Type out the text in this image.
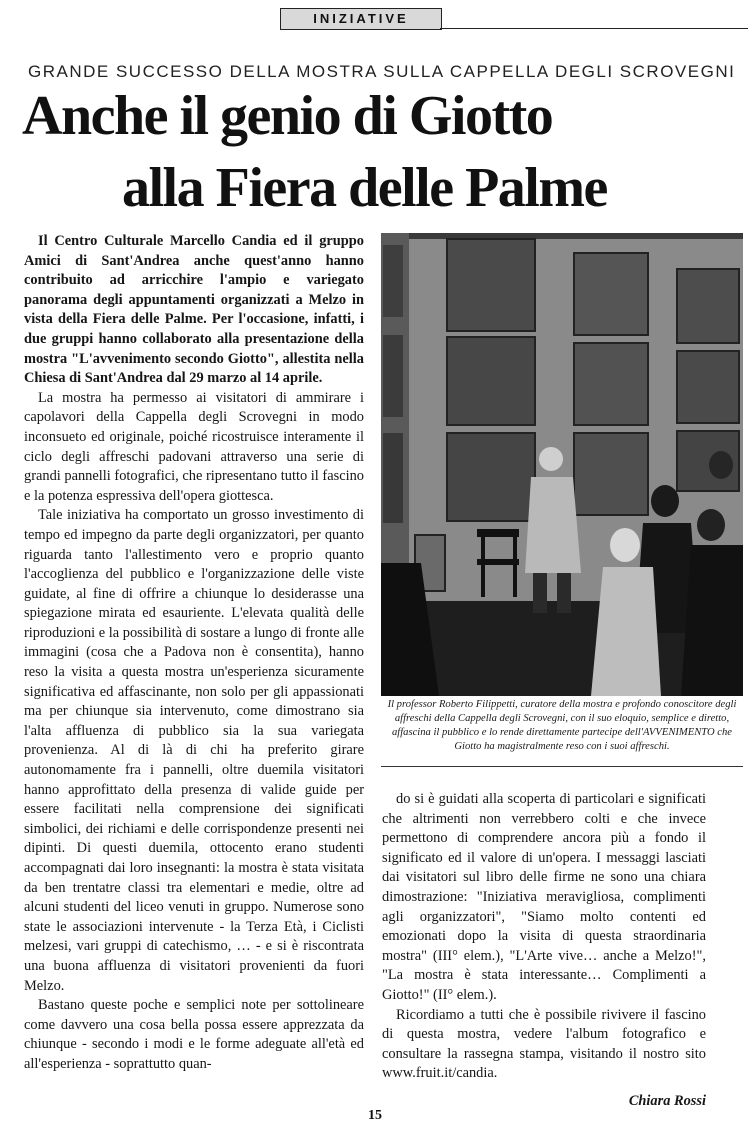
INIZIATIVE
GRANDE SUCCESSO DELLA MOSTRA SULLA CAPPELLA DEGLI SCROVEGNI
Anche il genio di Giotto
alla Fiera delle Palme

Il Centro Culturale Marcello Candia ed il gruppo Amici di Sant'Andrea anche quest'anno hanno contribuito ad arricchire l'ampio e variegato panorama degli appuntamenti organizzati a Melzo in vista della Fiera delle Palme. Per l'occasione, infatti, i due gruppi hanno collaborato alla presentazione della mostra "L'avvenimento secondo Giotto", allestita nella Chiesa di Sant'Andrea dal 29 marzo al 14 aprile.

La mostra ha permesso ai visitatori di ammirare i capolavori della Cappella degli Scrovegni in modo inconsueto ed originale, poiché ricostruisce interamente il ciclo degli affreschi padovani attraverso una serie di grandi pannelli fotografici, che ripresentano tutto il fascino e la potenza espressiva dell'opera giottesca.

Tale iniziativa ha comportato un grosso investimento di tempo ed impegno da parte degli organizzatori, per quanto riguarda tanto l'allestimento vero e proprio quanto l'accoglienza del pubblico e l'organizzazione delle viste guidate, al fine di offrire a chiunque lo desiderasse una spiegazione mirata ed esauriente. L'elevata qualità delle riproduzioni e la possibilità di sostare a lungo di fronte alle immagini (cosa che a Padova non è consentita), hanno reso la visita a questa mostra un'esperienza sicuramente significativa ed affascinante, non solo per gli appassionati ma per chiunque sia intervenuto, come dimostrano sia l'alta affluenza di pubblico sia la sua variegata provenienza. Al di là di chi ha preferito girare autonomamente fra i pannelli, oltre duemila visitatori hanno approfittato della presenza di valide guide per essere facilitati nella comprensione dei significati simbolici, dei richiami e delle corrispondenze presenti nei dipinti. Di questi duemila, ottocento erano studenti accompagnati dai loro insegnanti: la mostra è stata visitata da ben trentatre classi tra elementari e medie, oltre ad alcuni studenti del liceo venuti in gruppo. Numerose sono state le associazioni intervenute - la Terza Età, i Ciclisti melzesi, vari gruppi di catechismo, … - e si è riscontrata una buona affluenza di visitatori provenienti da fuori Melzo.

Bastano queste poche e semplici note per sottolineare come davvero una cosa bella possa essere apprezzata da chiunque - secondo i modi e le forme adeguate all'età ed all'esperienza - soprattutto quan-

Il professor Roberto Filippetti, curatore della mostra e profondo conoscitore degli affreschi della Cappella degli Scrovegni, con il suo eloquio, semplice e diretto, affascina il pubblico e lo rende direttamente partecipe dell'AVVENIMENTO che Giotto ha magistralmente reso con i suoi affreschi.

do si è guidati alla scoperta di particolari e significati che altrimenti non verrebbero colti e che invece permettono di comprendere ancora più a fondo il significato ed il valore di un'opera. I messaggi lasciati dai visitatori sul libro delle firme ne sono una chiara dimostrazione: "Iniziativa meravigliosa, complimenti agli organizzatori", "Siamo molto contenti ed emozionati dopo la visita di questa straordinaria mostra" (III° elem.), "L'Arte vive… anche a Melzo!", "La mostra è stata interessante… Complimenti a Giotto!" (II° elem.).

Ricordiamo a tutti che è possibile rivivere il fascino di questa mostra, vedere l'album fotografico e consultare la rassegna stampa, visitando il nostro sito www.fruit.it/candia.

Chiara Rossi
15
